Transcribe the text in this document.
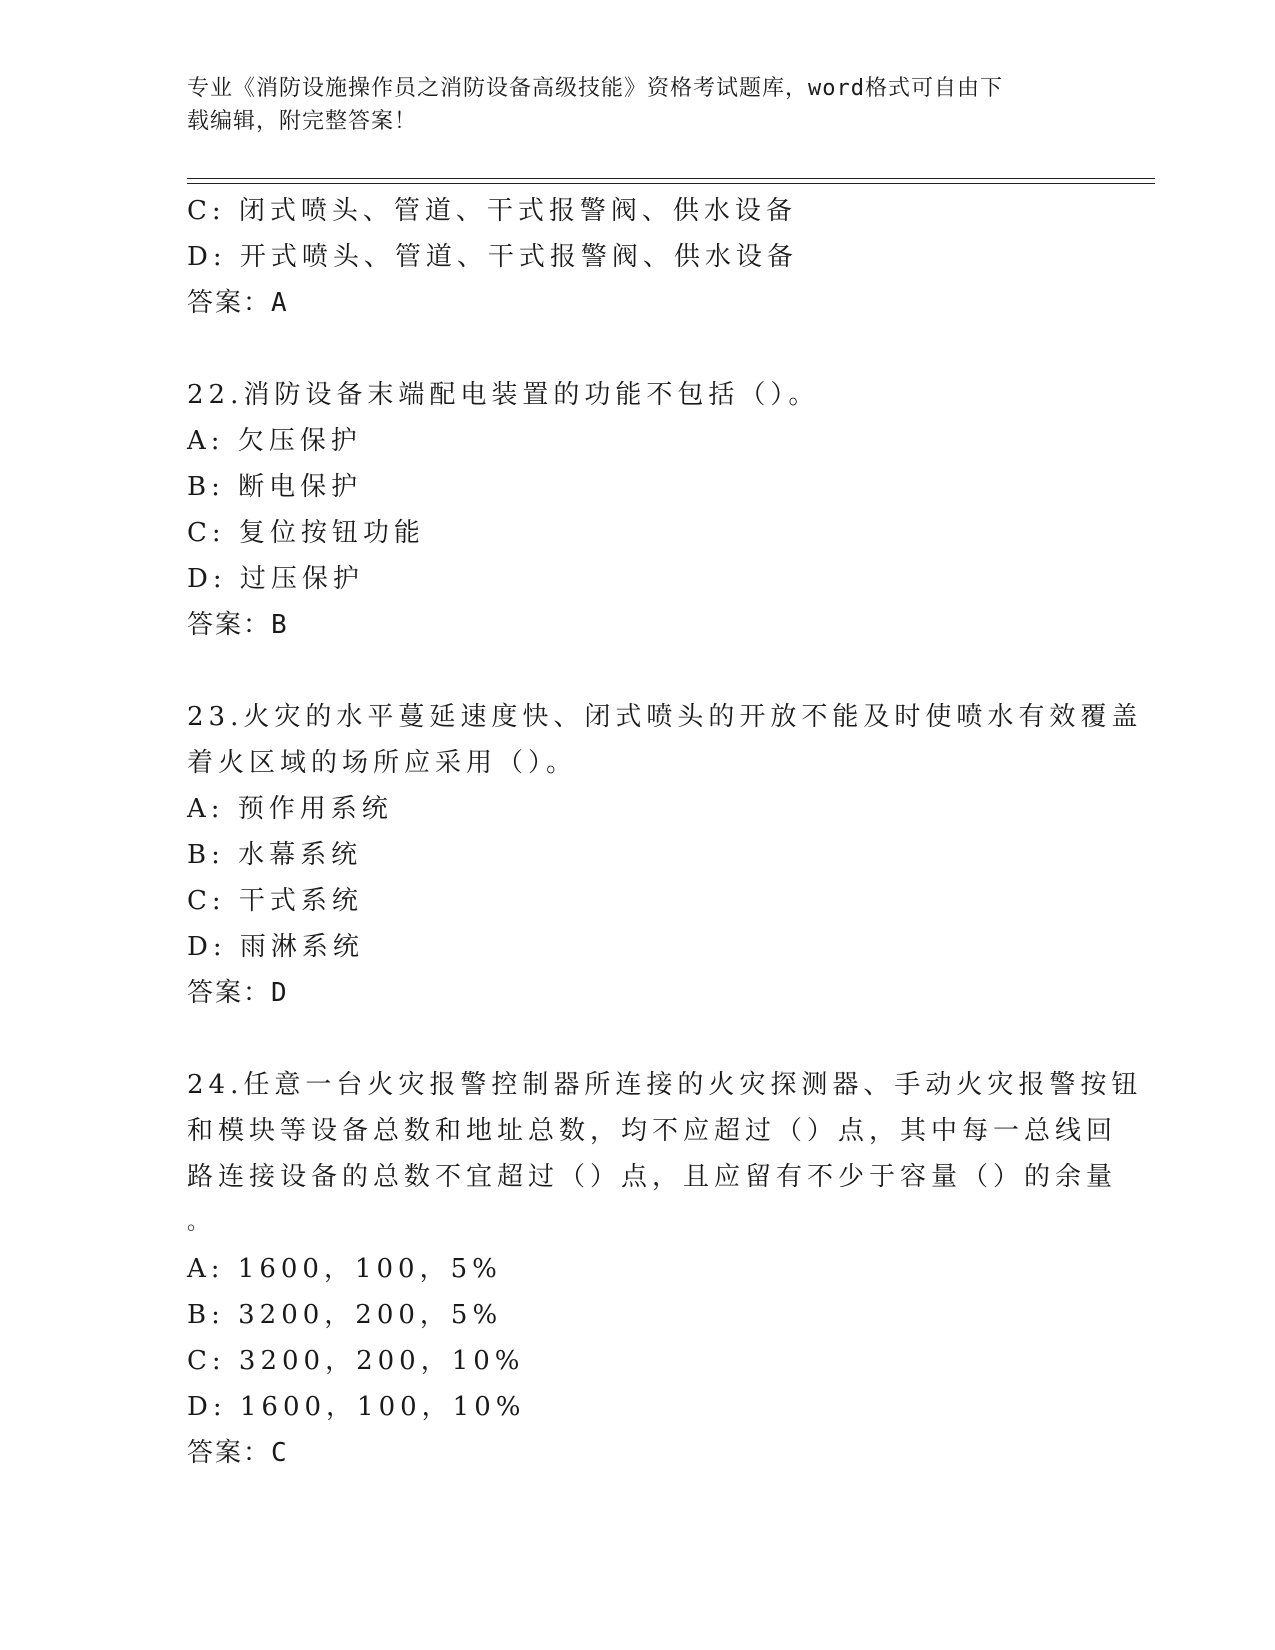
专业《消防设施操作员之消防设备高级技能》资格考试题库，word格式可自由下
载编辑，附完整答案！
C: 闭式喷头、管道、干式报警阀、供水设备
D: 开式喷头、管道、干式报警阀、供水设备
答案：A
22.消防设备末端配电装置的功能不包括（）。
A: 欠压保护
B: 断电保护
C: 复位按钮功能
D: 过压保护
答案：B
23.火灾的水平蔓延速度快、闭式喷头的开放不能及时使喷水有效覆盖
着火区域的场所应采用（）。
A: 预作用系统
B: 水幕系统
C: 干式系统
D: 雨淋系统
答案：D
24.任意一台火灾报警控制器所连接的火灾探测器、手动火灾报警按钮
和模块等设备总数和地址总数，均不应超过（）点，其中每一总线回
路连接设备的总数不宜超过（）点，且应留有不少于容量（）的余量
。
A: 1600，100，5%
B: 3200，200，5%
C: 3200，200，10%
D: 1600，100，10%
答案：C
